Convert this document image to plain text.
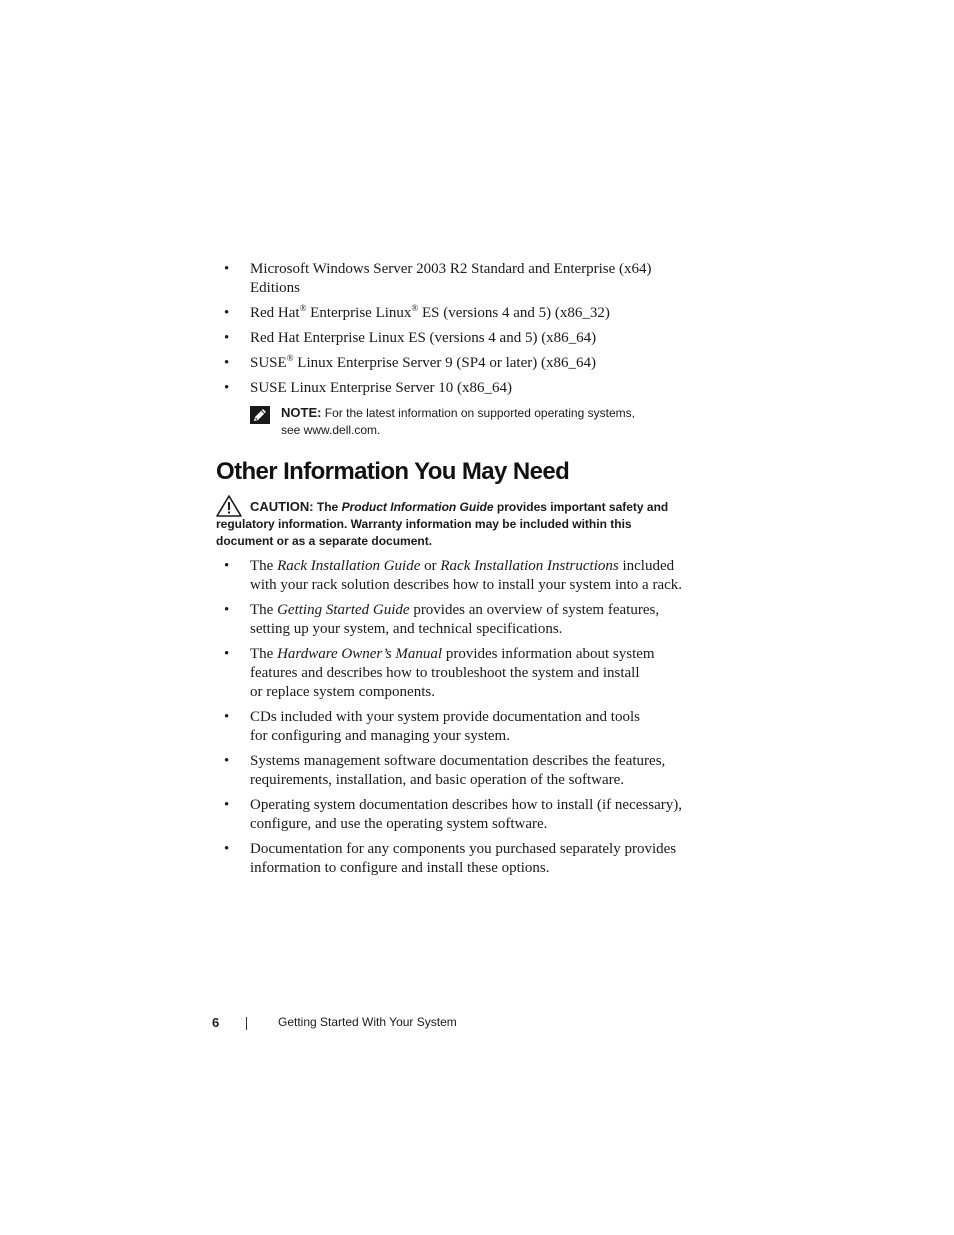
• Microsoft Windows Server 2003 R2 Standard and Enterprise (x64)
Editions
• Red Hat® Enterprise Linux® ES (versions 4 and 5) (x86_32)
• Red Hat Enterprise Linux ES (versions 4 and 5) (x86_64)
• SUSE® Linux Enterprise Server 9 (SP4 or later) (x86_64)
• SUSE Linux Enterprise Server 10 (x86_64)
NOTE: For the latest information on supported operating systems,
see www.dell.com.
Other Information You May Need
CAUTION: The Product Information Guide provides important safety and
regulatory information. Warranty information may be included within this
document or as a separate document.
• The Rack Installation Guide or Rack Installation Instructions included
with your rack solution describes how to install your system into a rack.
• The Getting Started Guide provides an overview of system features,
setting up your system, and technical specifications.
• The Hardware Owner’s Manual provides information about system
features and describes how to troubleshoot the system and install
or replace system components.
• CDs included with your system provide documentation and tools
for configuring and managing your system.
• Systems management software documentation describes the features,
requirements, installation, and basic operation of the software.
• Operating system documentation describes how to install (if necessary),
configure, and use the operating system software.
• Documentation for any components you purchased separately provides
information to configure and install these options.
6	Getting Started With Your System
